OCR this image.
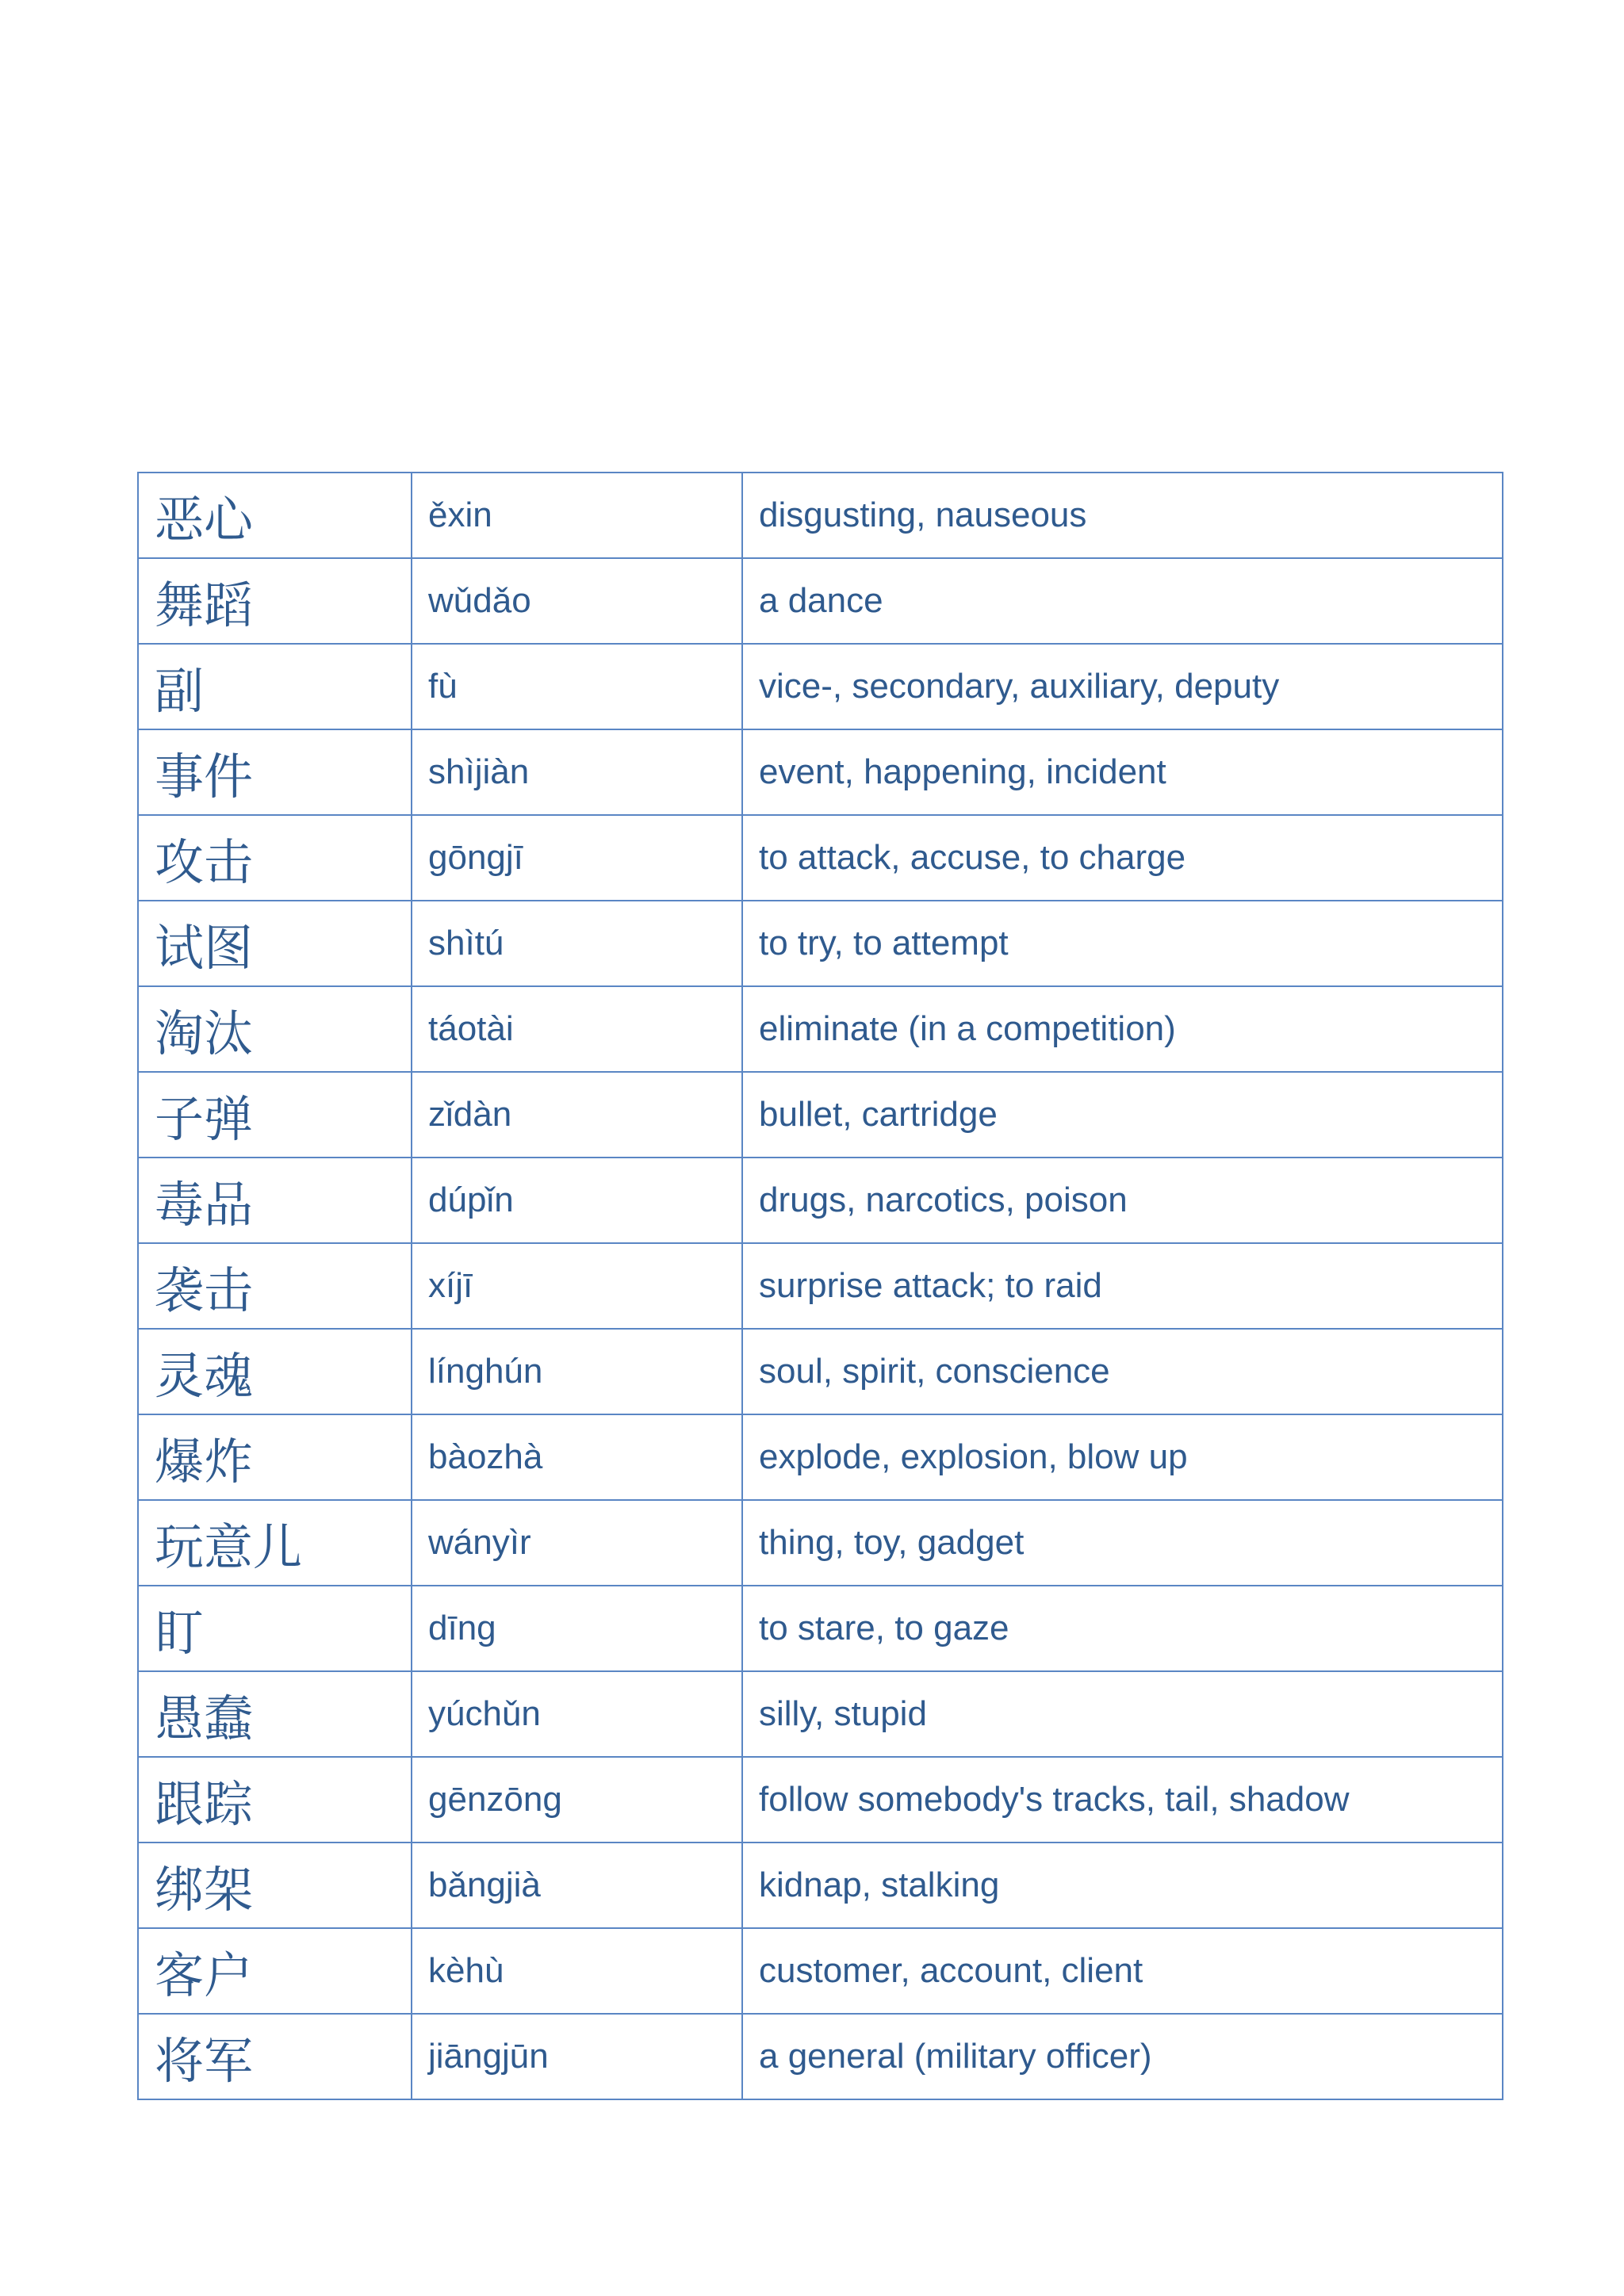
恶心	ěxin	disgusting, nauseous
舞蹈	wǔdǎo	a dance
副	fù	vice-, secondary, auxiliary, deputy
事件	shìjiàn	event, happening, incident
攻击	gōngjī	to attack, accuse, to charge
试图	shìtú	to try, to attempt
淘汰	táotài	eliminate (in a competition)
子弹	zǐdàn	bullet, cartridge
毒品	dúpǐn	drugs, narcotics, poison
袭击	xíjī	surprise attack; to raid
灵魂	línghún	soul, spirit, conscience
爆炸	bàozhà	explode, explosion, blow up
玩意儿	wányìr	thing, toy, gadget
盯	dīng	to stare, to gaze
愚蠢	yúchǔn	silly, stupid
跟踪	gēnzōng	follow somebody's tracks, tail, shadow
绑架	bǎngjià	kidnap, stalking
客户	kèhù	customer, account, client
将军	jiāngjūn	a general (military officer)
